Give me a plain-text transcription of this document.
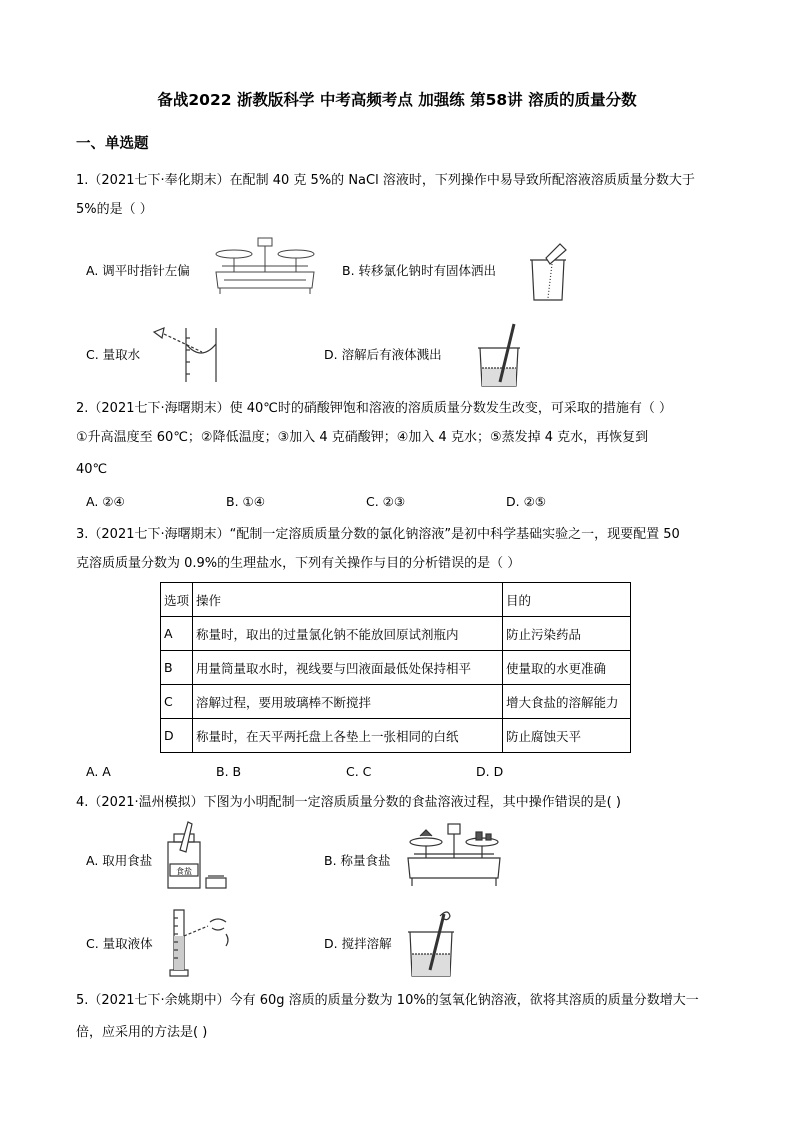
备战2022 浙教版科学 中考高频考点 加强练 第58讲 溶质的质量分数
一、单选题
1.（2021七下·奉化期末）在配制 40 克 5%的 NaCl 溶液时，下列操作中易导致所配溶液溶质质量分数大于
5%的是（ ）
A. 调平时指针左偏	B. 转移氯化钠时有固体洒出
C. 量取水	D. 溶解后有液体溅出
2.（2021七下·海曙期末）使 40℃时的硝酸钾饱和溶液的溶质质量分数发生改变，可采取的措施有（ ）
①升高温度至 60℃；②降低温度；③加入 4 克硝酸钾；④加入 4 克水；⑤蒸发掉 4 克水，再恢复到
40℃
A. ②④	B. ①④	C. ②③	D. ②⑤
3.（2021七下·海曙期末）“配制一定溶质质量分数的氯化钠溶液”是初中科学基础实验之一，现要配置 50
克溶质质量分数为 0.9%的生理盐水，下列有关操作与目的分析错误的是（ ）
选项	操作	目的
A	称量时，取出的过量氯化钠不能放回原试剂瓶内	防止污染药品
B	用量筒量取水时，视线要与凹液面最低处保持相平	使量取的水更准确
C	溶解过程，要用玻璃棒不断搅拌	增大食盐的溶解能力
D	称量时，在天平两托盘上各垫上一张相同的白纸	防止腐蚀天平
A. A	B. B	C. C	D. D
4.（2021·温州模拟）下图为小明配制一定溶质质量分数的食盐溶液过程，其中操作错误的是( )
A. 取用食盐	B. 称量食盐
C. 量取液体	D. 搅拌溶解
食盐
5.（2021七下·余姚期中）今有 60g 溶质的质量分数为 10%的氢氧化钠溶液，欲将其溶质的质量分数增大一
倍，应采用的方法是( )
